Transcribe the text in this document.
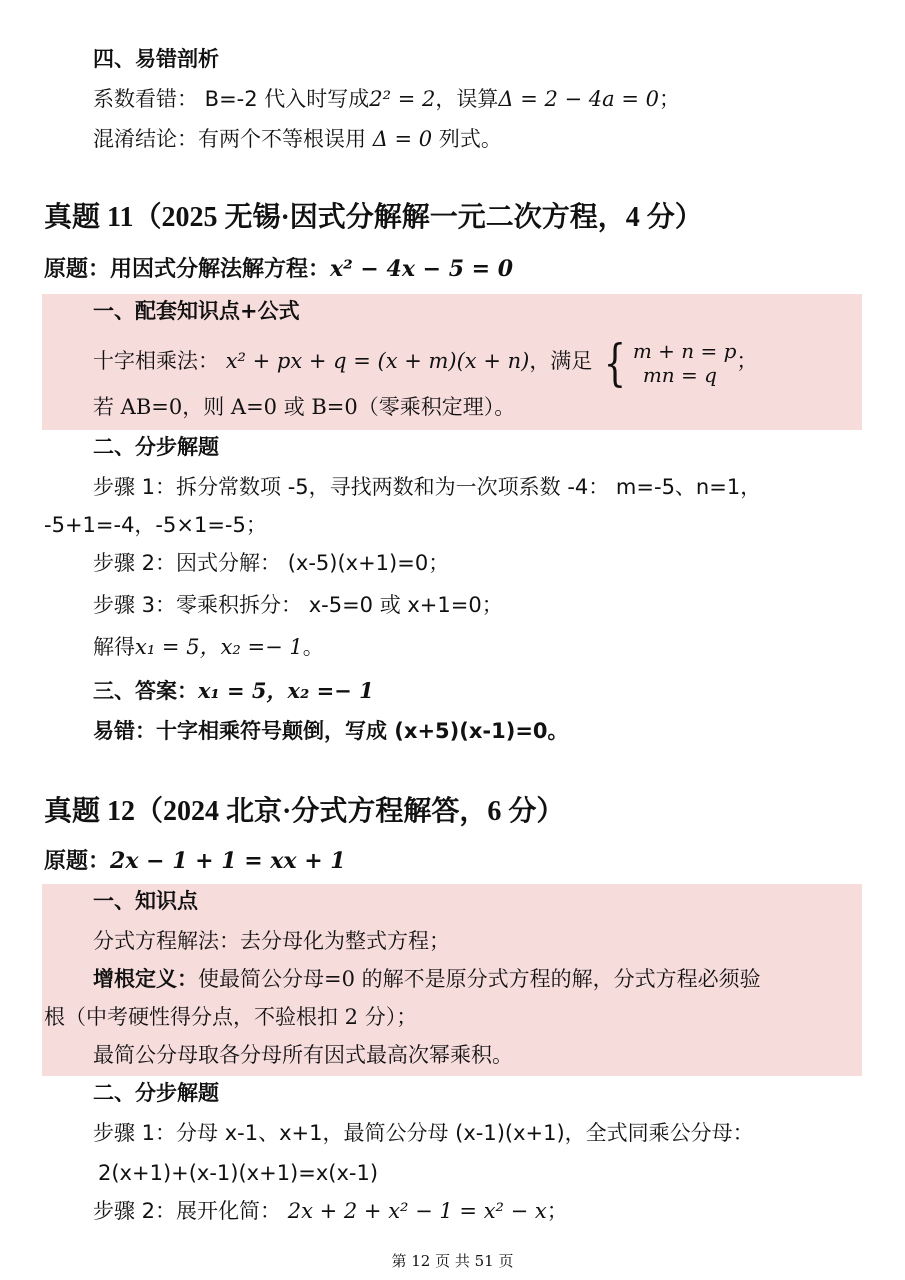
四、易错剖析
系数看错： B=-2 代入时写成2² = 2，误算Δ = 2 − 4a = 0；
混淆结论：有两个不等根误用 Δ = 0 列式。
真题 11（2025 无锡·因式分解解一元二次方程，4 分）
原题：用因式分解法解方程：x² − 4x − 5 = 0
一、配套知识点+公式
十字相乘法： x² + px + q = (x + m)(x + n)，满足 { m + n = p
mn = q
；
若 AB=0，则 A=0 或 B=0（零乘积定理）。
二、分步解题
步骤 1：拆分常数项 -5，寻找两数和为一次项系数 -4： m=-5、n=1，
-5+1=-4，-5×1=-5；
步骤 2：因式分解： (x-5)(x+1)=0；
步骤 3：零乘积拆分： x-5=0 或 x+1=0；
解得x₁ = 5，x₂ =− 1。
三、答案：x₁ = 5，x₂ =− 1
易错：十字相乘符号颠倒，写成 (x+5)(x-1)=0。
真题 12（2024 北京·分式方程解答，6 分）
原题：2x − 1 + 1 = xx + 1
一、知识点
分式方程解法：去分母化为整式方程；
增根定义：使最简公分母=0 的解不是原分式方程的解，分式方程必须验
根（中考硬性得分点，不验根扣 2 分）；
最简公分母取各分母所有因式最高次幂乘积。
二、分步解题
步骤 1：分母 x-1、x+1，最简公分母 (x-1)(x+1)，全式同乘公分母：
2(x+1)+(x-1)(x+1)=x(x-1)
步骤 2：展开化简： 2x + 2 + x² − 1 = x² − x；
第 12 页 共 51 页
